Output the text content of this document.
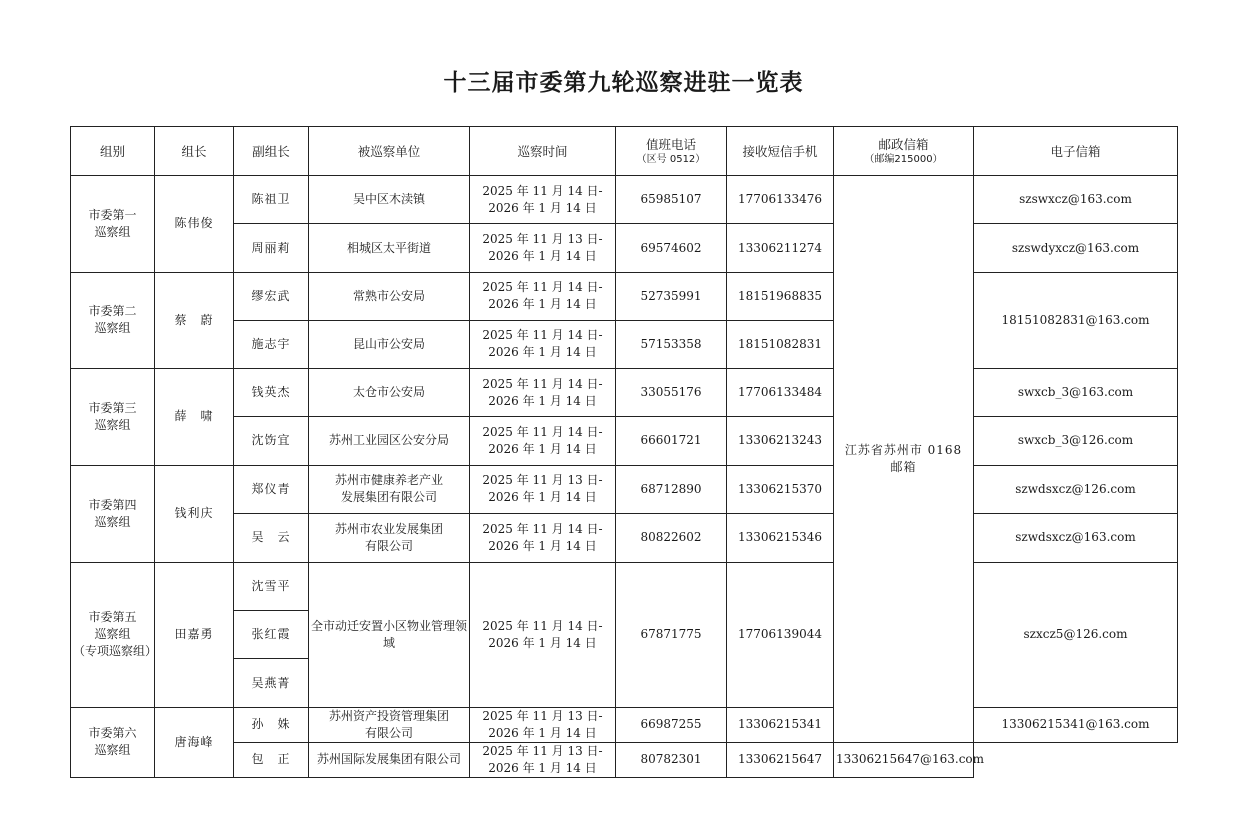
十三届市委第九轮巡察进驻一览表
组别	组长	副组长	被巡察单位	巡察时间	值班电话
（区号 0512）	接收短信手机	邮政信箱
（邮编215000）	电子信箱
市委第一
巡察组	陈伟俊	陈祖卫	吴中区木渎镇	2025 年 11 月 14 日-
2026 年 1 月 14 日	65985107	17706133476	江苏省苏州市 0168 邮箱	szswxcz@163.com
		周丽莉	相城区太平街道	2025 年 11 月 13 日-
2026 年 1 月 14 日	69574602	13306211274		szswdyxcz@163.com
市委第二
巡察组	蔡　蔚	缪宏武	常熟市公安局	2025 年 11 月 14 日-
2026 年 1 月 14 日	52735991	18151968835		18151082831@163.com
		施志宇	昆山市公安局	2025 年 11 月 14 日-
2026 年 1 月 14 日	57153358	18151082831		
市委第三
巡察组	薛　啸	钱英杰	太仓市公安局	2025 年 11 月 14 日-
2026 年 1 月 14 日	33055176	17706133484		swxcb_3@163.com
		沈饬宜	苏州工业园区公安分局	2025 年 11 月 14 日-
2026 年 1 月 14 日	66601721	13306213243		swxcb_3@126.com
市委第四
巡察组	钱利庆	郑仪青	苏州市健康养老产业
发展集团有限公司	2025 年 11 月 13 日-
2026 年 1 月 14 日	68712890	13306215370		szwdsxcz@126.com
		吴　云	苏州市农业发展集团
有限公司	2025 年 11 月 14 日-
2026 年 1 月 14 日	80822602	13306215346		szwdsxcz@163.com
市委第五
巡察组
（专项巡察组）	田嘉勇	沈雪平	全市动迁安置小区物业管理领域	2025 年 11 月 14 日-
2026 年 1 月 14 日	67871775	17706139044		szxcz5@126.com
		张红霞						
		吴燕菁						
市委第六
巡察组	唐海峰	孙　姝	苏州资产投资管理集团
有限公司	2025 年 11 月 13 日-
2026 年 1 月 14 日	66987255	13306215341		13306215341@163.com
		包　正	苏州国际发展集团有限公司	2025 年 11 月 13 日-
2026 年 1 月 14 日	80782301	13306215647	13306215647@163.com	
